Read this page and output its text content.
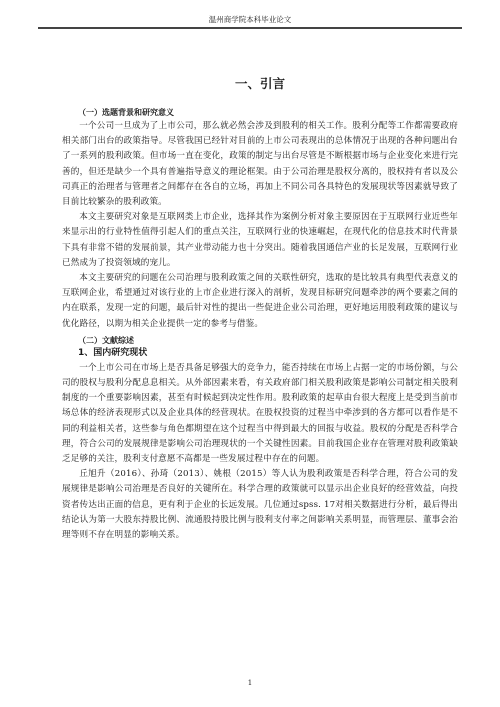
温州商学院本科毕业论文
一、引言
（一）选题背景和研究意义

一个公司一旦成为了上市公司，那么就必然会涉及到股利的相关工作。股利分配等工作都需要政府相关部门出台的政策指导。尽管我国已经针对目前的上市公司表现出的总体情况于出现的各种问题出台了一系列的股利政策。但市场一直在变化，政策的制定与出台尽管是不断根据市场与企业变化来进行完善的，但还是缺少一个具有普遍指导意义的理论框架。由于公司治理是股权分离的，股权持有者以及公司真正的治理者与管理者之间都存在各自的立场，再加上不同公司各具特色的发展现状等因素就导致了目前比较繁杂的股利政策。

本文主要研究对象是互联网类上市企业，选择其作为案例分析对象主要原因在于互联网行业近些年来显示出的行业特性值得引起人们的重点关注，互联网行业的快速崛起，在现代化的信息技术时代背景下具有非常不错的发展前景，其产业带动能力也十分突出。随着我国通信产业的长足发展，互联网行业已然成为了投资领域的宠儿。

本文主要研究的问题在公司治理与股利政策之间的关联性研究，选取的是比较具有典型代表意义的互联网企业，希望通过对该行业的上市企业进行深入的剖析，发现目标研究问题牵涉的两个要素之间的内在联系，发现一定的问题，最后针对性的提出一些促进企业公司治理，更好地运用股利政策的建议与优化路径，以期为相关企业提供一定的参考与借鉴。

（二）文献综述
1、国内研究现状

一个上市公司在市场上是否具备足够强大的竞争力，能否持续在市场上占据一定的市场份额，与公司的股权与股利分配息息相关。从外部因素来看，有关政府部门相关股利政策是影响公司制定相关股利制度的一个重要影响因素，甚至有时候起到决定性作用。股利政策的起草由台很大程度上是受到当前市场总体的经济表现形式以及企业具体的经营现状。在股权投资的过程当中牵涉到的各方都可以看作是不同的利益相关者，这些参与角色都期望在这个过程当中得到最大的回报与收益。股权的分配是否科学合理，符合公司的发展规律是影响公司治理现状的一个关键性因素。目前我国企业存在管理对股利政策缺乏足够的关注，股利支付意愿不高都是一些发展过程中存在的问题。

丘旭升（2016）、孙琦（2013）、姚根（2015）等人认为股利政策是否科学合理，符合公司的发展规律是影响公司治理是否良好的关键所在。科学合理的政策就可以显示出企业良好的经营效益，向投资者传达出正面的信息，更有利于企业的长远发展。几位通过spss. 17对相关数据进行分析，最后得出结论认为第一大股东持股比例、流通股持股比例与股利支付率之间影响关系明显，而管理层、董事会治理等则不存在明显的影响关系。

1
